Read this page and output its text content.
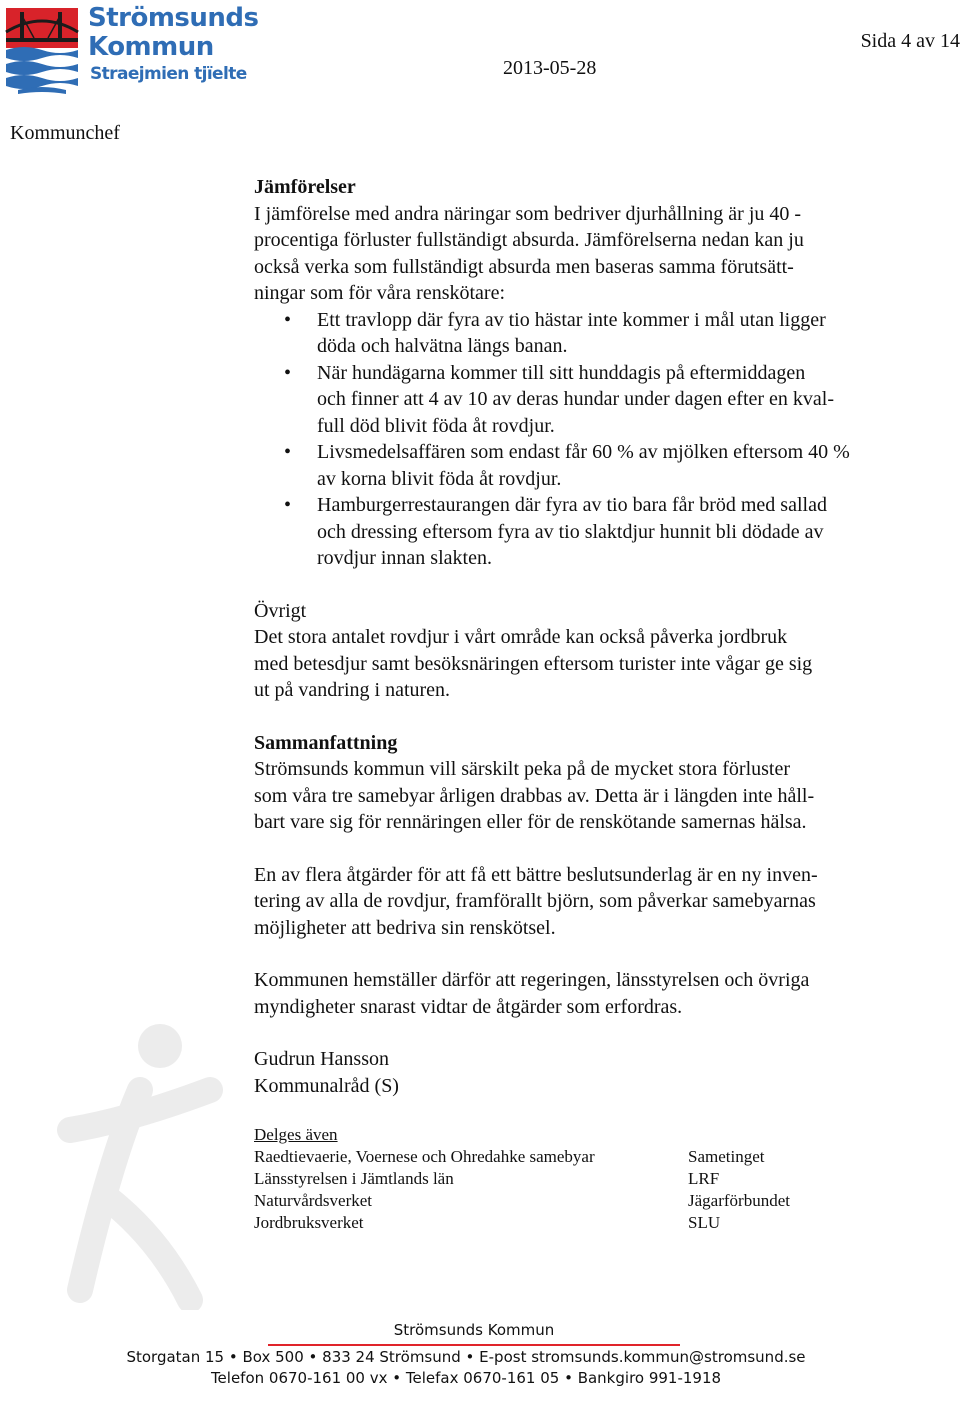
Strömsunds
Kommun
Straejmien tjïelte
Sida 4 av 14
2013-05-28
Kommunchef

Jämförelser

I jämförelse med andra näringar som bedriver djurhållning är ju 40 -

procentiga förluster fullständigt absurda. Jämförelserna nedan kan ju

också verka som fullständigt absurda men baseras samma förutsätt-

ningar som för våra renskötare:

• Ett travlopp där fyra av tio hästar inte kommer i mål utan ligger
döda och halvätna längs banan.
• När hundägarna kommer till sitt hunddagis på eftermiddagen
och finner att 4 av 10 av deras hundar under dagen efter en kval-
full död blivit föda åt rovdjur.
• Livsmedelsaffären som endast får 60 % av mjölken eftersom 40 %
av korna blivit föda åt rovdjur.
• Hamburgerrestaurangen där fyra av tio bara får bröd med sallad
och dressing eftersom fyra av tio slaktdjur hunnit bli dödade av
rovdjur innan slakten.

Övrigt

Det stora antalet rovdjur i vårt område kan också påverka jordbruk

med betesdjur samt besöksnäringen eftersom turister inte vågar ge sig

ut på vandring i naturen.

Sammanfattning

Strömsunds kommun vill särskilt peka på de mycket stora förluster

som våra tre samebyar årligen drabbas av. Detta är i längden inte håll-

bart vare sig för rennäringen eller för de renskötande samernas hälsa.

En av flera åtgärder för att få ett bättre beslutsunderlag är en ny inven-

tering av alla de rovdjur, framförallt björn, som påverkar samebyarnas

möjligheter att bedriva sin renskötsel.

Kommunen hemställer därför att regeringen, länsstyrelsen och övriga

myndigheter snarast vidtar de åtgärder som erfordras.

Gudrun Hansson

Kommunalråd (S)

Delges även
Raedtievaerie, Voernese och Ohredahke samebyar
Länsstyrelsen i Jämtlands län
Naturvårdsverket
Jordbruksverket
Sametinget
LRF
Jägarförbundet
SLU
Strömsunds Kommun
Storgatan 15 • Box 500 • 833 24 Strömsund • E-post stromsunds.kommun@stromsund.se
Telefon 0670-161 00 vx • Telefax 0670-161 05 • Bankgiro 991-1918
